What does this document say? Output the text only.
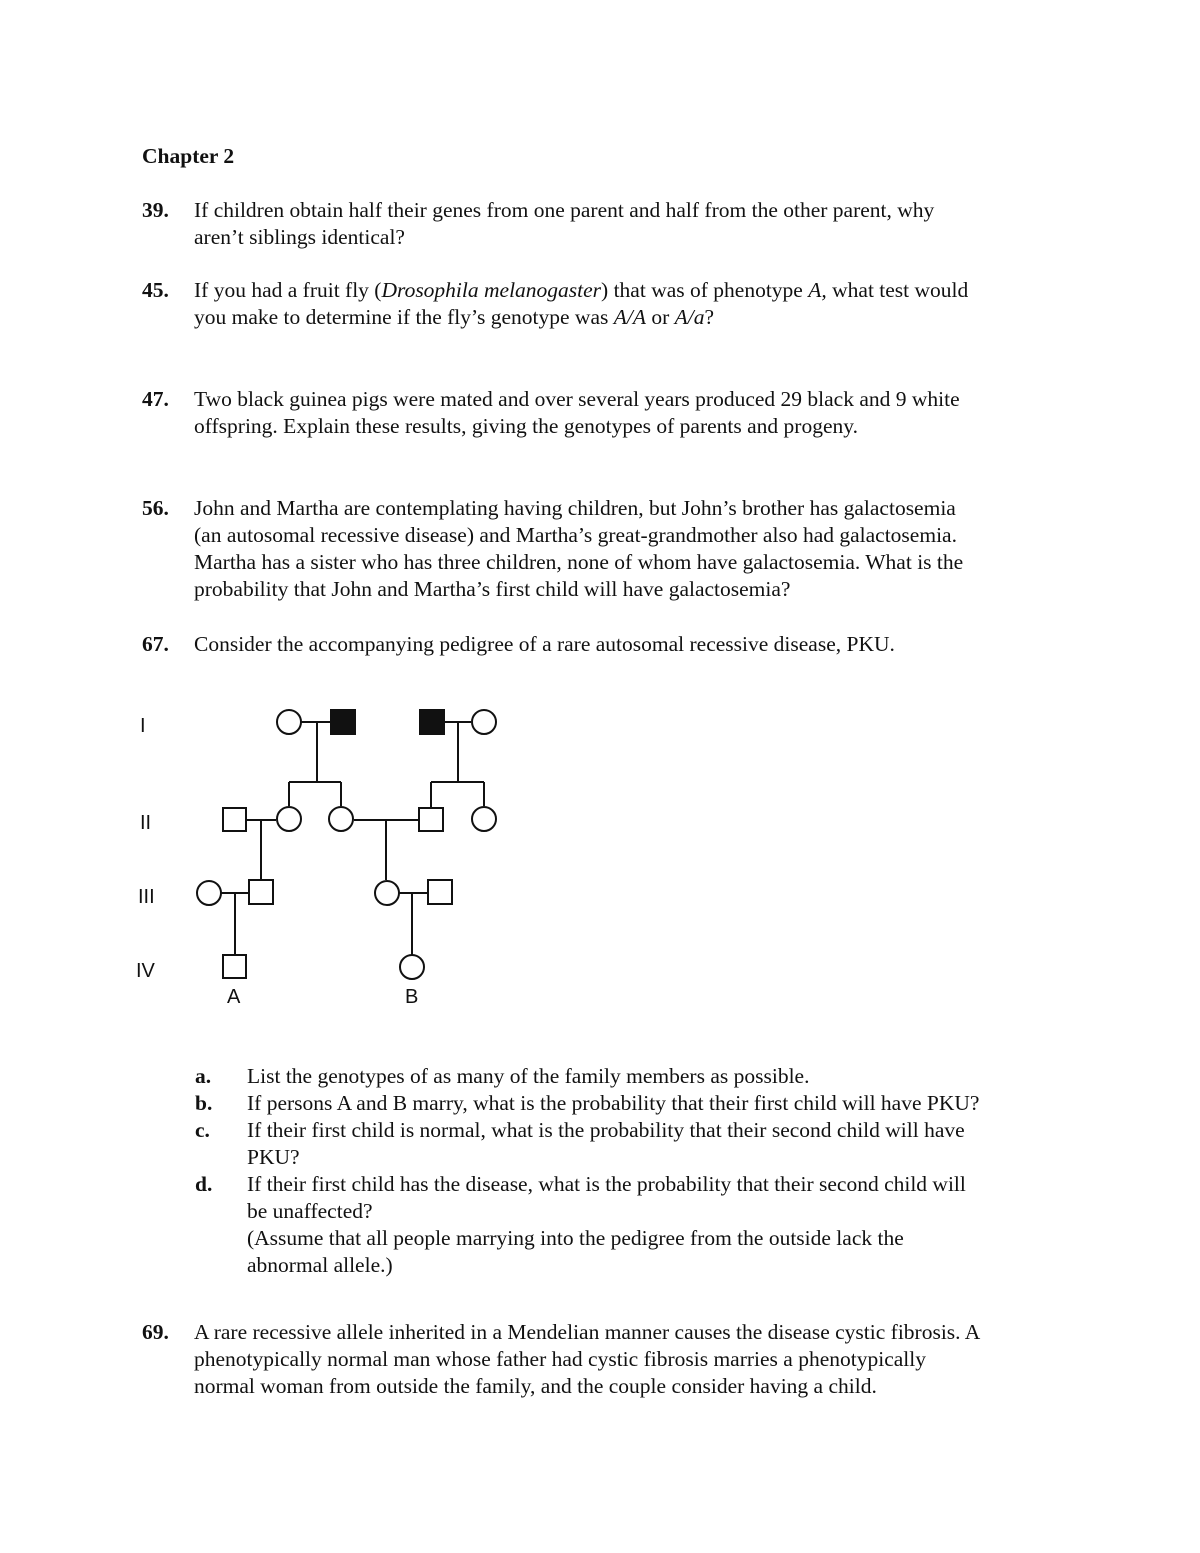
Chapter 2
39.	If children obtain half their genes from one parent and half from the other parent, why
aren’t siblings identical?
45.	If you had a fruit fly (Drosophila melanogaster) that was of phenotype A, what test would
you make to determine if the fly’s genotype was A/A or A/a?
47.	Two black guinea pigs were mated and over several years produced 29 black and 9 white
offspring. Explain these results, giving the genotypes of parents and progeny.
56.	John and Martha are contemplating having children, but John’s brother has galactosemia
(an autosomal recessive disease) and Martha’s great-grandmother also had galactosemia.
Martha has a sister who has three children, none of whom have galactosemia. What is the
probability that John and Martha’s first child will have galactosemia?
67.	Consider the accompanying pedigree of a rare autosomal recessive disease, PKU.
I
II
III
IV
A	B
a. List the genotypes of as many of the family members as possible.
b. If persons A and B marry, what is the probability that their first child will have PKU?
c. If their first child is normal, what is the probability that their second child will have
PKU?
d. If their first child has the disease, what is the probability that their second child will
be unaffected?
(Assume that all people marrying into the pedigree from the outside lack the
abnormal allele.)
69.	A rare recessive allele inherited in a Mendelian manner causes the disease cystic fibrosis. A
phenotypically normal man whose father had cystic fibrosis marries a phenotypically
normal woman from outside the family, and the couple consider having a child.
